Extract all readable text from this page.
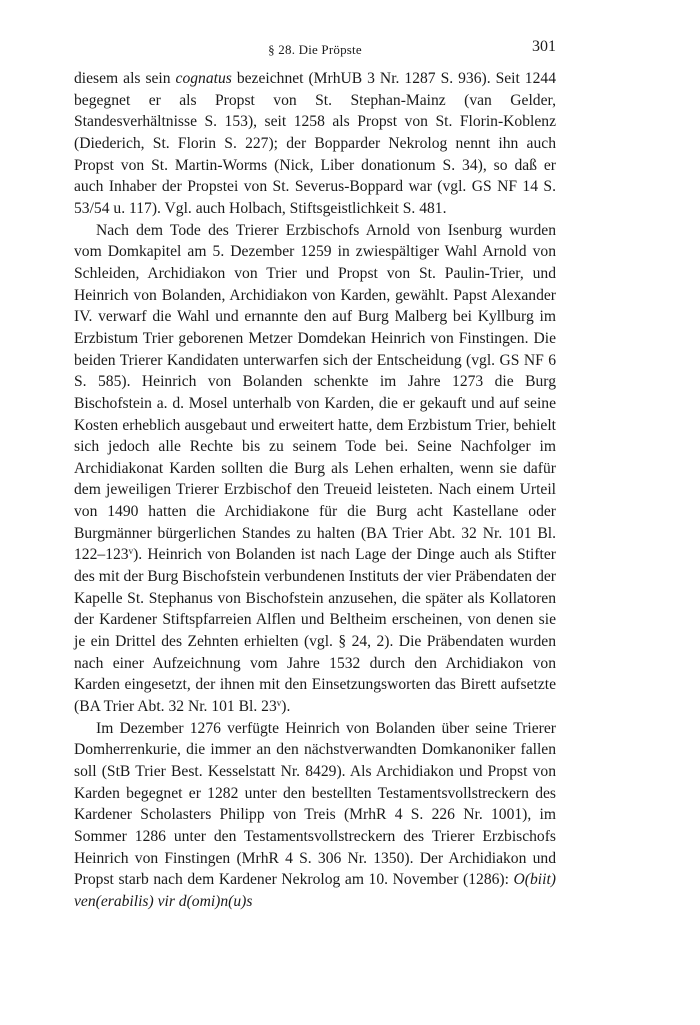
§ 28. Die Pröpste	301

diesem als sein cognatus bezeichnet (MrhUB 3 Nr. 1287 S. 936). Seit 1244 begegnet er als Propst von St. Stephan-Mainz (van Gelder, Standesverhältnisse S. 153), seit 1258 als Propst von St. Florin-Koblenz (Diederich, St. Florin S. 227); der Bopparder Nekrolog nennt ihn auch Propst von St. Martin-Worms (Nick, Liber donationum S. 34), so daß er auch Inhaber der Propstei von St. Severus-Boppard war (vgl. GS NF 14 S. 53/54 u. 117). Vgl. auch Holbach, Stiftsgeistlichkeit S. 481.

Nach dem Tode des Trierer Erzbischofs Arnold von Isenburg wurden vom Domkapitel am 5. Dezember 1259 in zwiespältiger Wahl Arnold von Schleiden, Archidiakon von Trier und Propst von St. Paulin-Trier, und Heinrich von Bolanden, Archidiakon von Karden, gewählt. Papst Alexander IV. verwarf die Wahl und ernannte den auf Burg Malberg bei Kyllburg im Erzbistum Trier geborenen Metzer Domdekan Heinrich von Finstingen. Die beiden Trierer Kandidaten unterwarfen sich der Entscheidung (vgl. GS NF 6 S. 585). Heinrich von Bolanden schenkte im Jahre 1273 die Burg Bischofstein a. d. Mosel unterhalb von Karden, die er gekauft und auf seine Kosten erheblich ausgebaut und erweitert hatte, dem Erzbistum Trier, behielt sich jedoch alle Rechte bis zu seinem Tode bei. Seine Nachfolger im Archidiakonat Karden sollten die Burg als Lehen erhalten, wenn sie dafür dem jeweiligen Trierer Erzbischof den Treueid leisteten. Nach einem Urteil von 1490 hatten die Archidiakone für die Burg acht Kastellane oder Burgmänner bürgerlichen Standes zu halten (BA Trier Abt. 32 Nr. 101 Bl. 122–123$^v$). Heinrich von Bolanden ist nach Lage der Dinge auch als Stifter des mit der Burg Bischofstein verbundenen Instituts der vier Präbendaten der Kapelle St. Stephanus von Bischofstein anzusehen, die später als Kollatoren der Kardener Stiftspfarreien Alflen und Beltheim erscheinen, von denen sie je ein Drittel des Zehnten erhielten (vgl. § 24, 2). Die Präbendaten wurden nach einer Aufzeichnung vom Jahre 1532 durch den Archidiakon von Karden eingesetzt, der ihnen mit den Einsetzungsworten das Birett aufsetzte (BA Trier Abt. 32 Nr. 101 Bl. 23$^v$).

Im Dezember 1276 verfügte Heinrich von Bolanden über seine Trierer Domherrenkurie, die immer an den nächstverwandten Domkanoniker fallen soll (StB Trier Best. Kesselstatt Nr. 8429). Als Archidiakon und Propst von Karden begegnet er 1282 unter den bestellten Testamentsvollstreckern des Kardener Scholasters Philipp von Treis (MrhR 4 S. 226 Nr. 1001), im Sommer 1286 unter den Testamentsvollstreckern des Trierer Erzbischofs Heinrich von Finstingen (MrhR 4 S. 306 Nr. 1350). Der Archidiakon und Propst starb nach dem Kardener Nekrolog am 10. November (1286): O(biit) ven(erabilis) vir d(omi)n(u)s
